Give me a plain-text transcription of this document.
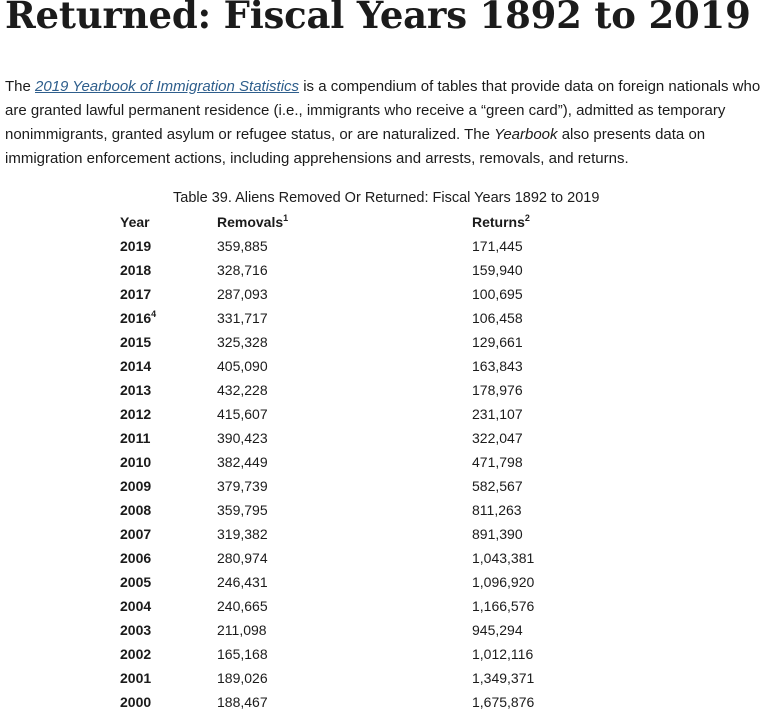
Returned: Fiscal Years 1892 to 2019

The 2019 Yearbook of Immigration Statistics is a compendium of tables that provide data on foreign nationals who are granted lawful permanent residence (i.e., immigrants who receive a “green card”), admitted as temporary nonimmigrants, granted asylum or refugee status, or are naturalized. The Yearbook also presents data on immigration enforcement actions, including apprehensions and arrests, removals, and returns.

Table 39. Aliens Removed Or Returned: Fiscal Years 1892 to 2019
Year	Removals$^1$	Returns$^2$
2019	359,885	171,445
2018	328,716	159,940
2017	287,093	100,695
2016$^4$	331,717	106,458
2015	325,328	129,661
2014	405,090	163,843
2013	432,228	178,976
2012	415,607	231,107
2011	390,423	322,047
2010	382,449	471,798
2009	379,739	582,567
2008	359,795	811,263
2007	319,382	891,390
2006	280,974	1,043,381
2005	246,431	1,096,920
2004	240,665	1,166,576
2003	211,098	945,294
2002	165,168	1,012,116
2001	189,026	1,349,371
2000	188,467	1,675,876
